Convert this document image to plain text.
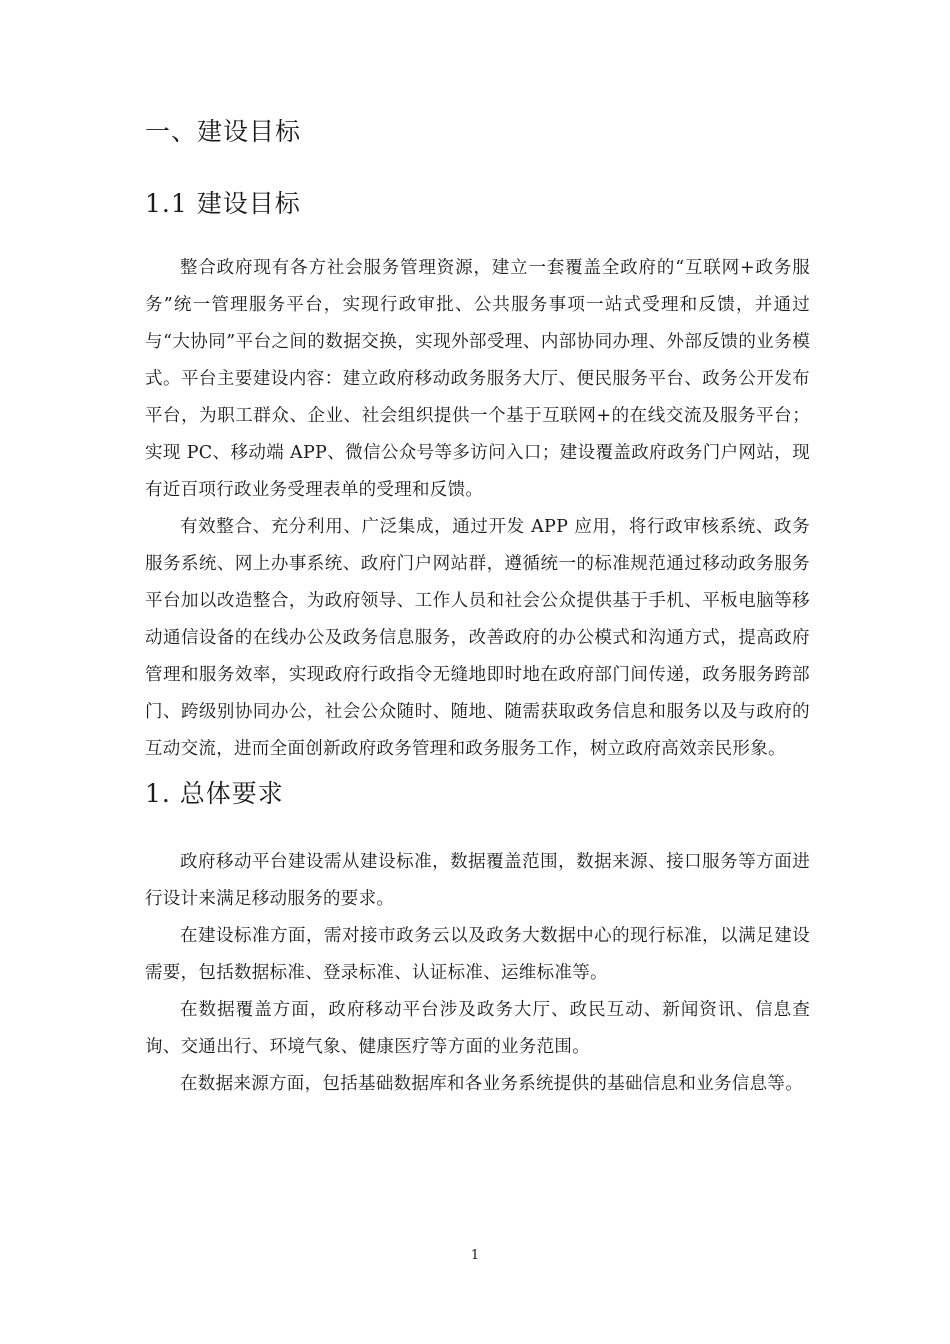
一、建设目标
1.1 建设目标

整合政府现有各方社会服务管理资源，建立一套覆盖全政府的“互联网+政务服务”统一管理服务平台，实现行政审批、公共服务事项一站式受理和反馈，并通过与“大协同”平台之间的数据交换，实现外部受理、内部协同办理、外部反馈的业务模式。平台主要建设内容：建立政府移动政务服务大厅、便民服务平台、政务公开发布平台，为职工群众、企业、社会组织提供一个基于互联网+的在线交流及服务平台；实现 PC、移动端 APP、微信公众号等多访问入口；建设覆盖政府政务门户网站，现有近百项行政业务受理表单的受理和反馈。

有效整合、充分利用、广泛集成，通过开发 APP 应用，将行政审核系统、政务服务系统、网上办事系统、政府门户网站群，遵循统一的标准规范通过移动政务服务平台加以改造整合，为政府领导、工作人员和社会公众提供基于手机、平板电脑等移动通信设备的在线办公及政务信息服务，改善政府的办公模式和沟通方式，提高政府管理和服务效率，实现政府行政指令无缝地即时地在政府部门间传递，政务服务跨部门、跨级别协同办公，社会公众随时、随地、随需获取政务信息和服务以及与政府的互动交流，进而全面创新政府政务管理和政务服务工作，树立政府高效亲民形象。

1. 总体要求

政府移动平台建设需从建设标准，数据覆盖范围，数据来源、接口服务等方面进行设计来满足移动服务的要求。

在建设标准方面，需对接市政务云以及政务大数据中心的现行标准，以满足建设需要，包括数据标准、登录标准、认证标准、运维标准等。

在数据覆盖方面，政府移动平台涉及政务大厅、政民互动、新闻资讯、信息查询、交通出行、环境气象、健康医疗等方面的业务范围。

在数据来源方面，包括基础数据库和各业务系统提供的基础信息和业务信息等。

1
